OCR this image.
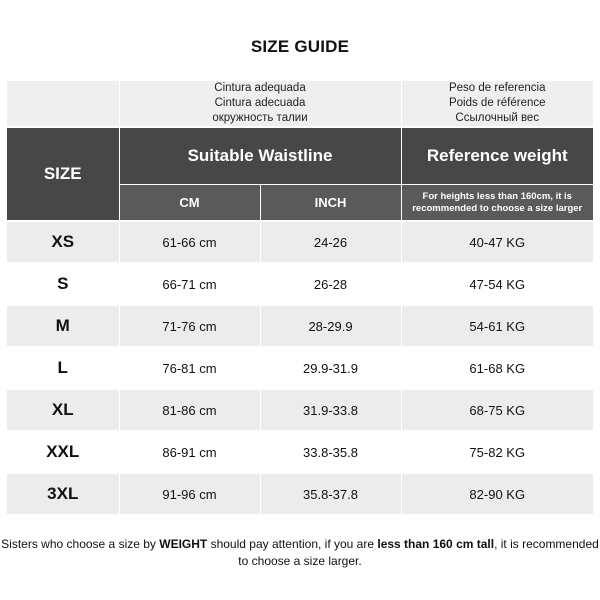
SIZE GUIDE
	Cintura adequada		Peso de referencia
	Cintura adecuada		Poids de référence
	окружность талии		Ссылочный вес
SIZE	Suitable Waistline		Reference weight
	CM	INCH	For heights less than 160cm, it is recommended to choose a size larger
XS	61-66 cm	24-26	40-47 KG
S	66-71 cm	26-28	47-54 KG
M	71-76 cm	28-29.9	54-61 KG
L	76-81 cm	29.9-31.9	61-68 KG
XL	81-86 cm	31.9-33.8	68-75 KG
XXL	86-91 cm	33.8-35.8	75-82 KG
3XL	91-96 cm	35.8-37.8	82-90 KG
Sisters who choose a size by WEIGHT should pay attention, if you are less than 160 cm tall, it is recommended to choose a size larger.
